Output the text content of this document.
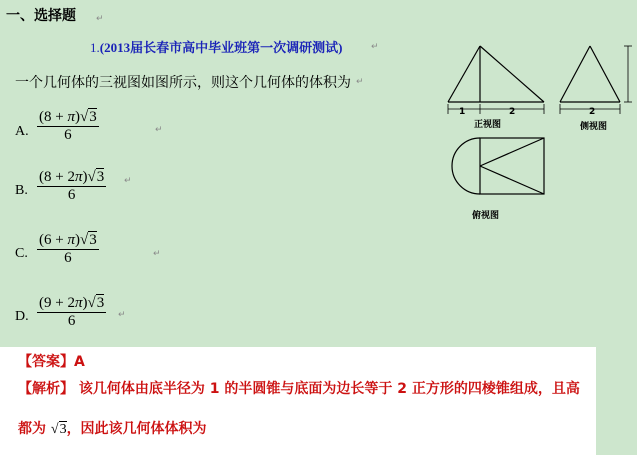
一、选择题 ↵
1.(2013届长春市高中毕业班第一次调研测试)	↵
一个几何体的三视图如图所示，则这个几何体的体积为 ↵
A. $\frac{(8 + \pi)√3}{6}$	↵
B. $\frac{(8 + 2\pi)√3}{6}$ ↵
C. $\frac{(6 + \pi)√3}{6}$	↵
D. $\frac{(9 + 2\pi)√3}{6}$ ↵
1	2	2
正视图	侧视图
俯视图
【答案】A
【解析】 该几何体由底半径为 1 的半圆锥与底面为边长等于 2 正方形的四棱锥组成，且高
都为 √3，因此该几何体体积为
